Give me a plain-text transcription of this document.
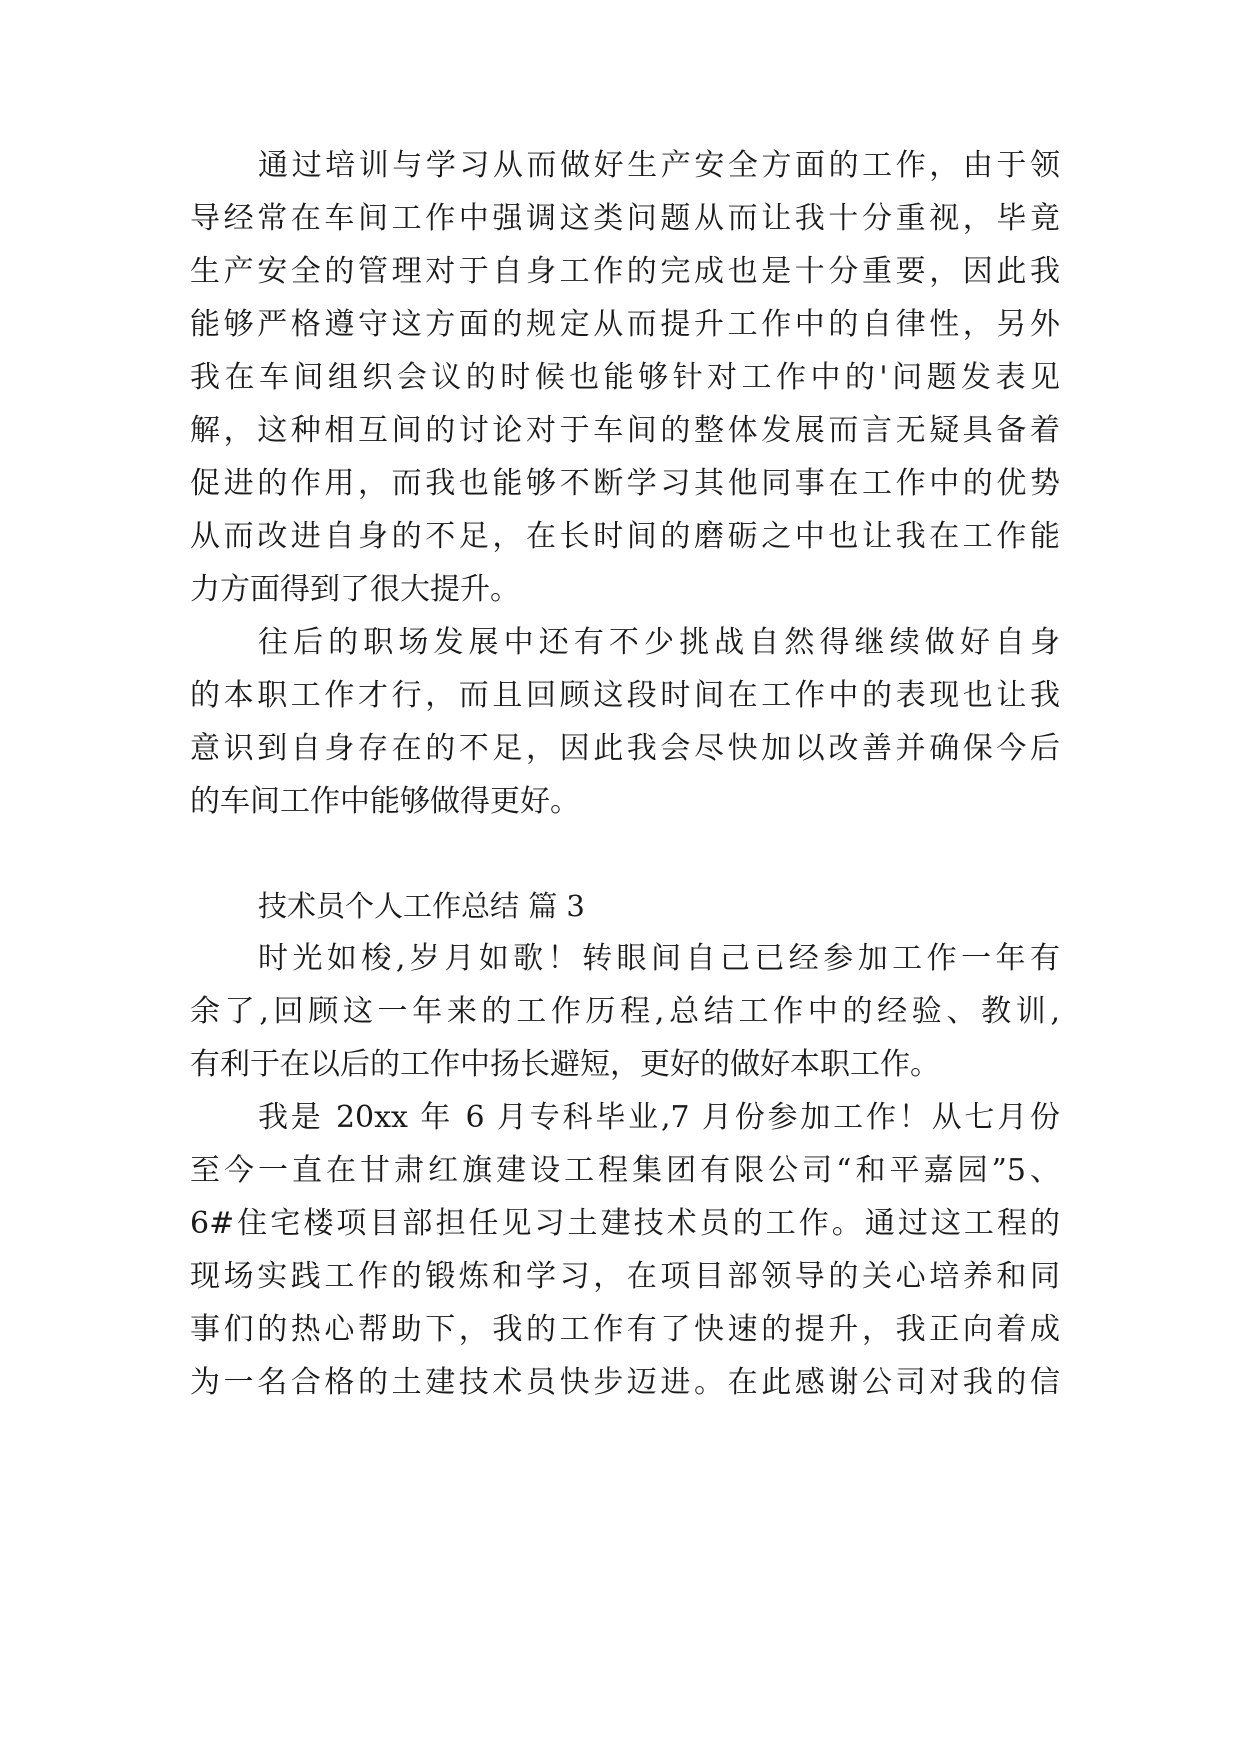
通过培训与学习从而做好生产安全方面的工作，由于领

导经常在车间工作中强调这类问题从而让我十分重视，毕竟

生产安全的管理对于自身工作的完成也是十分重要，因此我

能够严格遵守这方面的规定从而提升工作中的自律性，另外

我在车间组织会议的时候也能够针对工作中的'问题发表见

解，这种相互间的讨论对于车间的整体发展而言无疑具备着

促进的作用，而我也能够不断学习其他同事在工作中的优势

从而改进自身的不足，在长时间的磨砺之中也让我在工作能

力方面得到了很大提升。

往后的职场发展中还有不少挑战自然得继续做好自身

的本职工作才行，而且回顾这段时间在工作中的表现也让我

意识到自身存在的不足，因此我会尽快加以改善并确保今后

的车间工作中能够做得更好。

技术员个人工作总结 篇 3

时光如梭,岁月如歌！转眼间自己已经参加工作一年有

余了,回顾这一年来的工作历程,总结工作中的经验、教训,

有利于在以后的工作中扬长避短，更好的做好本职工作。

我是 20xx 年 6 月专科毕业,7 月份参加工作！从七月份

至今一直在甘肃红旗建设工程集团有限公司“和平嘉园”5、

6#住宅楼项目部担任见习土建技术员的工作。通过这工程的

现场实践工作的锻炼和学习，在项目部领导的关心培养和同

事们的热心帮助下，我的工作有了快速的提升，我正向着成

为一名合格的土建技术员快步迈进。在此感谢公司对我的信
